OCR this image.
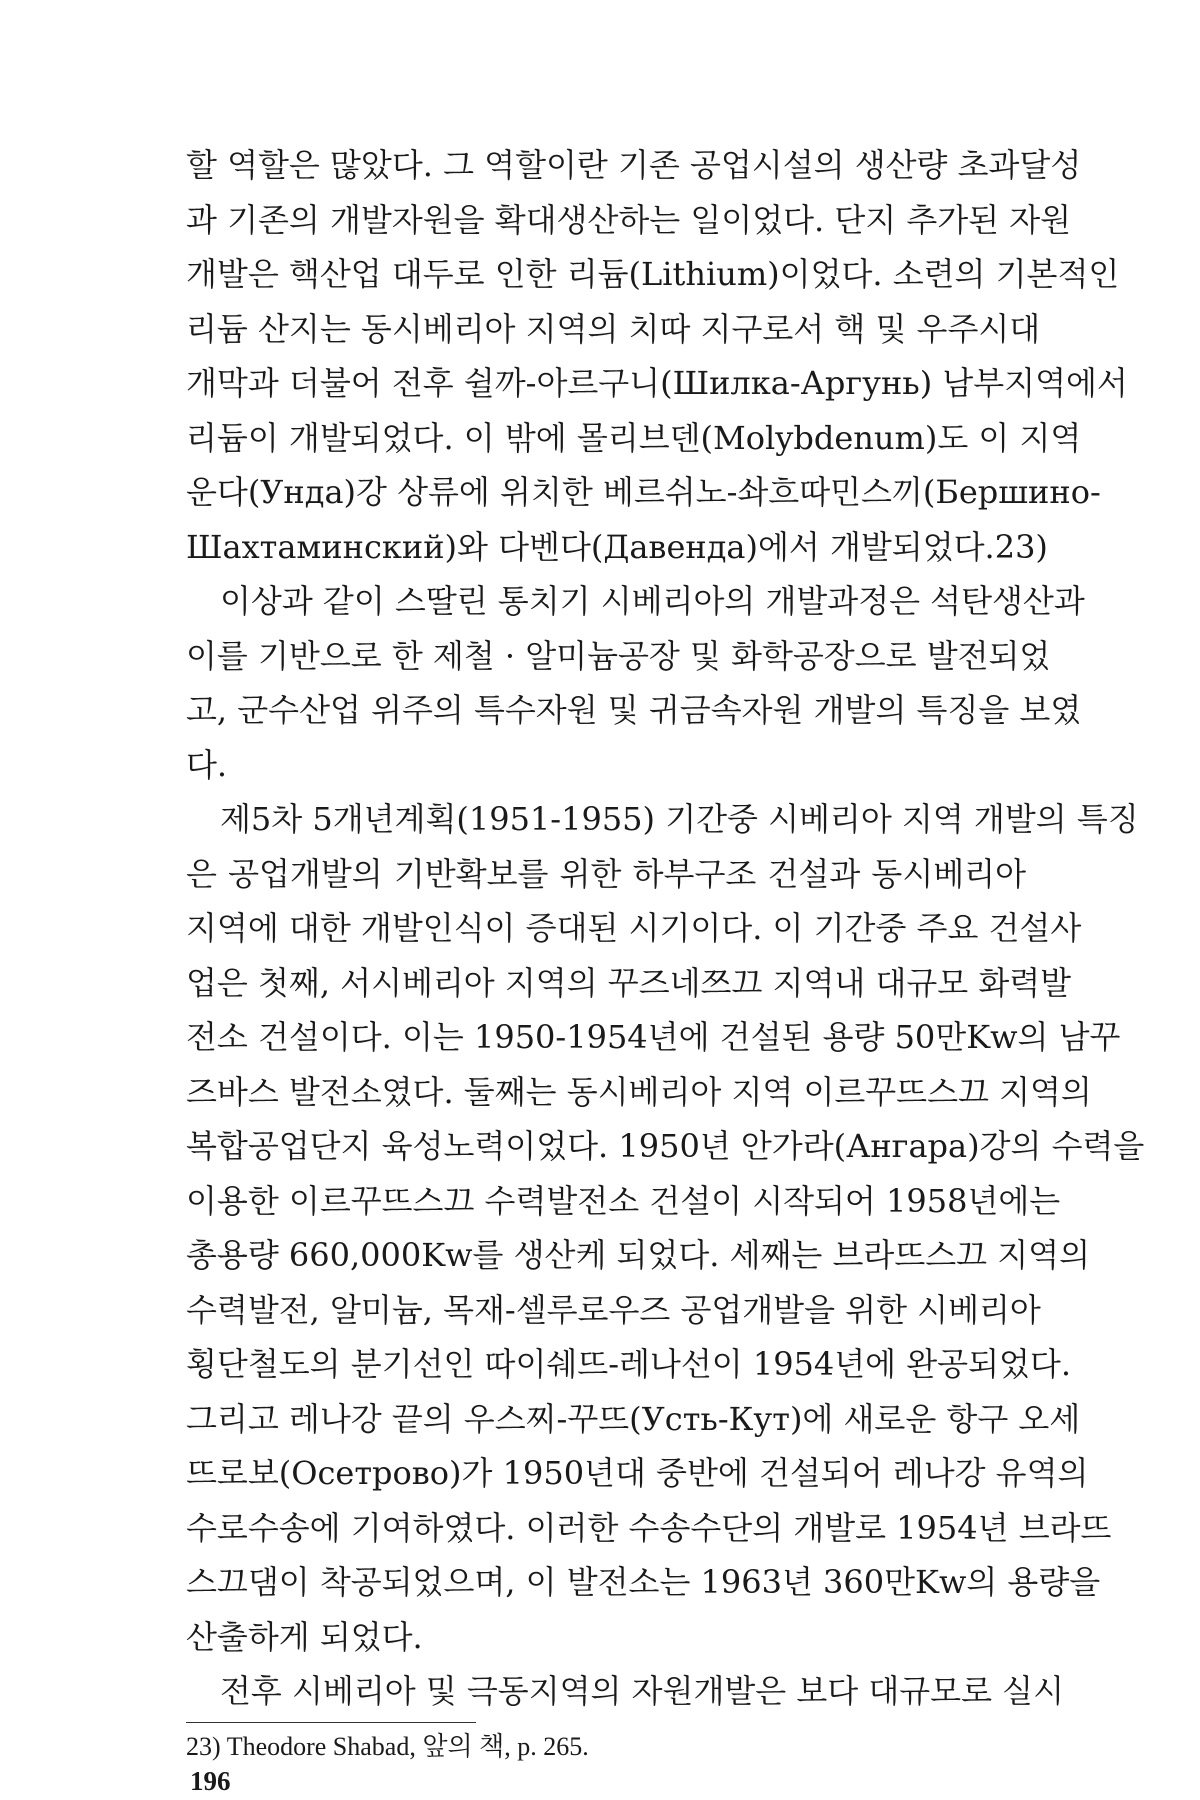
할 역할은 많았다. 그 역할이란 기존 공업시설의 생산량 초과달성
과 기존의 개발자원을 확대생산하는 일이었다. 단지 추가된 자원
개발은 핵산업 대두로 인한 리듐(Lithium)이었다. 소련의 기본적인
리듐 산지는 동시베리아 지역의 치따 지구로서 핵 및 우주시대
개막과 더불어 전후 쉴까-아르구니(Шилка-Аргунь) 남부지역에서
리듐이 개발되었다. 이 밖에 몰리브덴(Molybdenum)도 이 지역
운다(Унда)강 상류에 위치한 베르쉬노-솨흐따민스끼(Бершино-
Шахтаминский)와 다벤다(Давенда)에서 개발되었다.23)
이상과 같이 스딸린 통치기 시베리아의 개발과정은 석탄생산과
이를 기반으로 한 제철 · 알미늄공장 및 화학공장으로 발전되었
고, 군수산업 위주의 특수자원 및 귀금속자원 개발의 특징을 보였
다.
제5차 5개년계획(1951-1955) 기간중 시베리아 지역 개발의 특징
은 공업개발의 기반확보를 위한 하부구조 건설과 동시베리아
지역에 대한 개발인식이 증대된 시기이다. 이 기간중 주요 건설사
업은 첫째, 서시베리아 지역의 꾸즈네쯔끄 지역내 대규모 화력발
전소 건설이다. 이는 1950-1954년에 건설된 용량 50만Kw의 남꾸
즈바스 발전소였다. 둘째는 동시베리아 지역 이르꾸뜨스끄 지역의
복합공업단지 육성노력이었다. 1950년 안가라(Ангара)강의 수력을
이용한 이르꾸뜨스끄 수력발전소 건설이 시작되어 1958년에는
총용량 660,000Kw를 생산케 되었다. 세째는 브라뜨스끄 지역의
수력발전, 알미늄, 목재-셀루로우즈 공업개발을 위한 시베리아
횡단철도의 분기선인 따이쉐뜨-레나선이 1954년에 완공되었다.
그리고 레나강 끝의 우스찌-꾸뜨(Усть-Кут)에 새로운 항구 오세
뜨로보(Осетрово)가 1950년대 중반에 건설되어 레나강 유역의
수로수송에 기여하였다. 이러한 수송수단의 개발로 1954년 브라뜨
스끄댐이 착공되었으며, 이 발전소는 1963년 360만Kw의 용량을
산출하게 되었다.
전후 시베리아 및 극동지역의 자원개발은 보다 대규모로 실시
23) Theodore Shabad, 앞의 책, p. 265.
196
